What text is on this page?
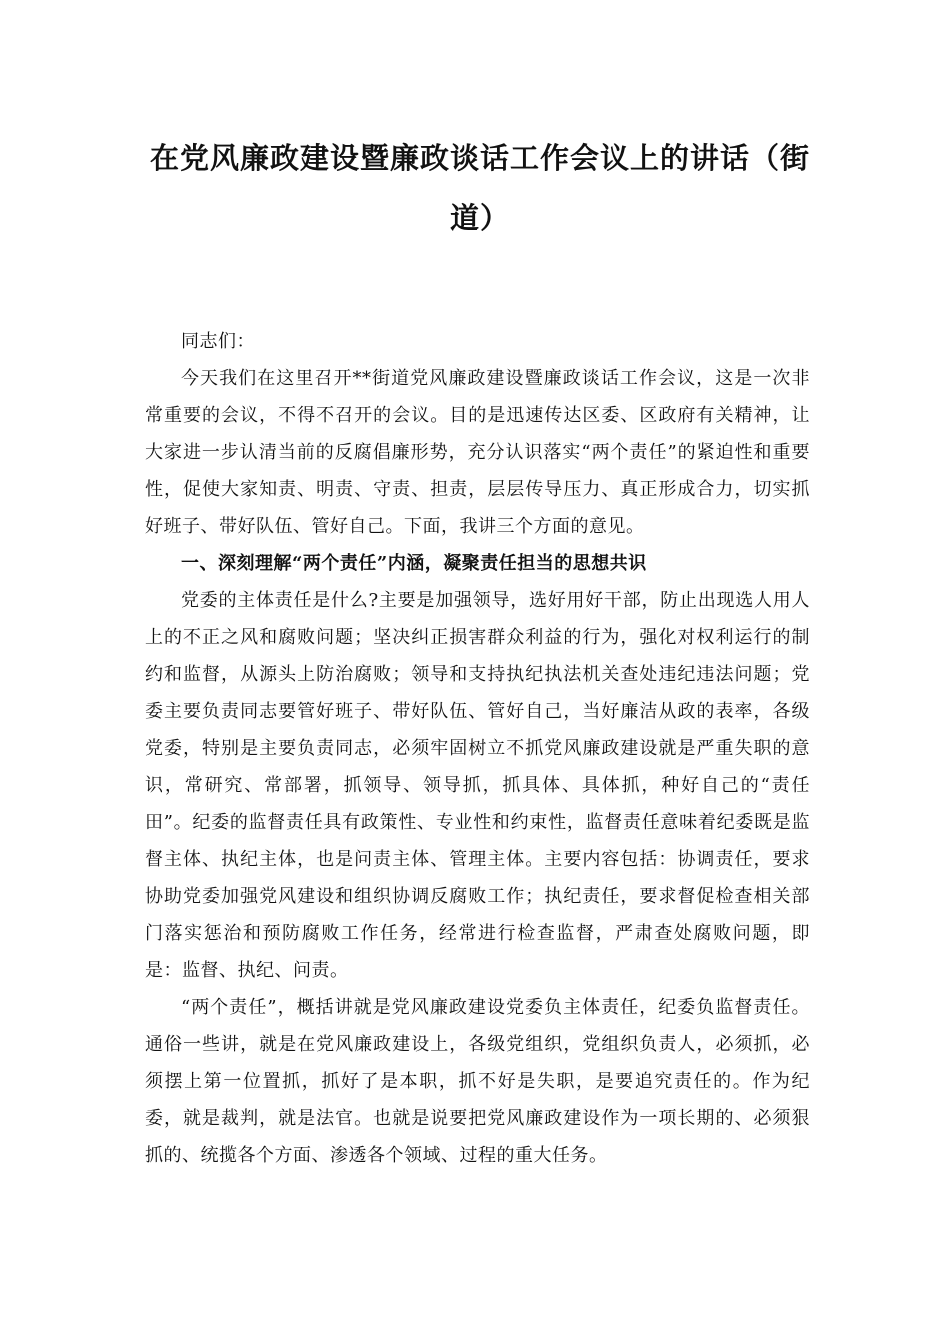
在党风廉政建设暨廉政谈话工作会议上的讲话（街
道）

同志们：

今天我们在这里召开**街道党风廉政建设暨廉政谈话工作会议，这是一次非常重要的会议，不得不召开的会议。目的是迅速传达区委、区政府有关精神，让大家进一步认清当前的反腐倡廉形势，充分认识落实“两个责任”的紧迫性和重要性，促使大家知责、明责、守责、担责，层层传导压力、真正形成合力，切实抓好班子、带好队伍、管好自己。下面，我讲三个方面的意见。

一、深刻理解“两个责任”内涵，凝聚责任担当的思想共识

党委的主体责任是什么?主要是加强领导，选好用好干部，防止出现选人用人上的不正之风和腐败问题；坚决纠正损害群众利益的行为，强化对权利运行的制约和监督，从源头上防治腐败；领导和支持执纪执法机关查处违纪违法问题；党委主要负责同志要管好班子、带好队伍、管好自己，当好廉洁从政的表率，各级党委，特别是主要负责同志，必须牢固树立不抓党风廉政建设就是严重失职的意识，常研究、常部署，抓领导、领导抓，抓具体、具体抓，种好自己的“责任田”。纪委的监督责任具有政策性、专业性和约束性，监督责任意味着纪委既是监督主体、执纪主体，也是问责主体、管理主体。主要内容包括：协调责任，要求协助党委加强党风建设和组织协调反腐败工作；执纪责任，要求督促检查相关部门落实惩治和预防腐败工作任务，经常进行检查监督，严肃查处腐败问题，即是：监督、执纪、问责。

“两个责任”，概括讲就是党风廉政建设党委负主体责任，纪委负监督责任。通俗一些讲，就是在党风廉政建设上，各级党组织，党组织负责人，必须抓，必须摆上第一位置抓，抓好了是本职，抓不好是失职，是要追究责任的。作为纪委，就是裁判，就是法官。也就是说要把党风廉政建设作为一项长期的、必须狠抓的、统揽各个方面、渗透各个领域、过程的重大任务。
